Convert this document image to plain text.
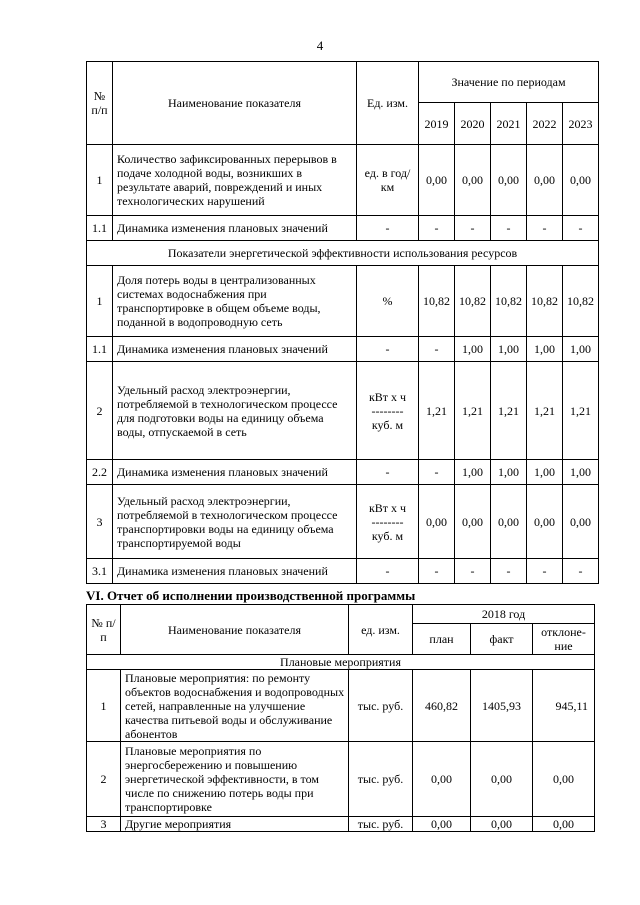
4
№ п/п	Наименование показателя	Ед. изм.	Значение по периодам				
			2019	2020	2021	2022	2023
1	Количество зафиксированных перерывов в подаче холодной воды, возникших в результате аварий, повреждений и иных технологических нарушений	ед. в год/км	0,00	0,00	0,00	0,00	0,00
1.1	Динамика изменения плановых значений	-	-	-	-	-	-
Показатели энергетической эффективности использования ресурсов							
1	Доля потерь воды в централизованных системах водоснабжения при транспортировке в общем объеме воды, поданной в водопроводную сеть	%	10,82	10,82	10,82	10,82	10,82
1.1	Динамика изменения плановых значений	-	-	1,00	1,00	1,00	1,00
2	Удельный расход электроэнергии, потребляемой в технологическом процессе для подготовки воды на единицу объема воды, отпускаемой в сеть	кВт х ч
--------
куб. м	1,21	1,21	1,21	1,21	1,21
2.2	Динамика изменения плановых значений	-	-	1,00	1,00	1,00	1,00
3	Удельный расход электроэнергии, потребляемой в технологическом процессе транспортировки воды на единицу объема транспортируемой воды	кВт х ч
--------
куб. м	0,00	0,00	0,00	0,00	0,00
3.1	Динамика изменения плановых значений	-	-	-	-	-	-
VI. Отчет об исполнении производственной программы
№ п/п	Наименование показателя	ед. изм.	2018 год		
			план	факт	отклоне-ние
Плановые мероприятия					
1	Плановые мероприятия: по ремонту объектов водоснабжения и водопроводных сетей, направленные на улучшение качества питьевой воды и обслуживание абонентов	тыс. руб.	460,82	1405,93	945,11
2	Плановые мероприятия по энергосбережению и повышению энергетической эффективности, в том числе по снижению потерь воды при транспортировке	тыс. руб.	0,00	0,00	0,00
3	Другие мероприятия	тыс. руб.	0,00	0,00	0,00
